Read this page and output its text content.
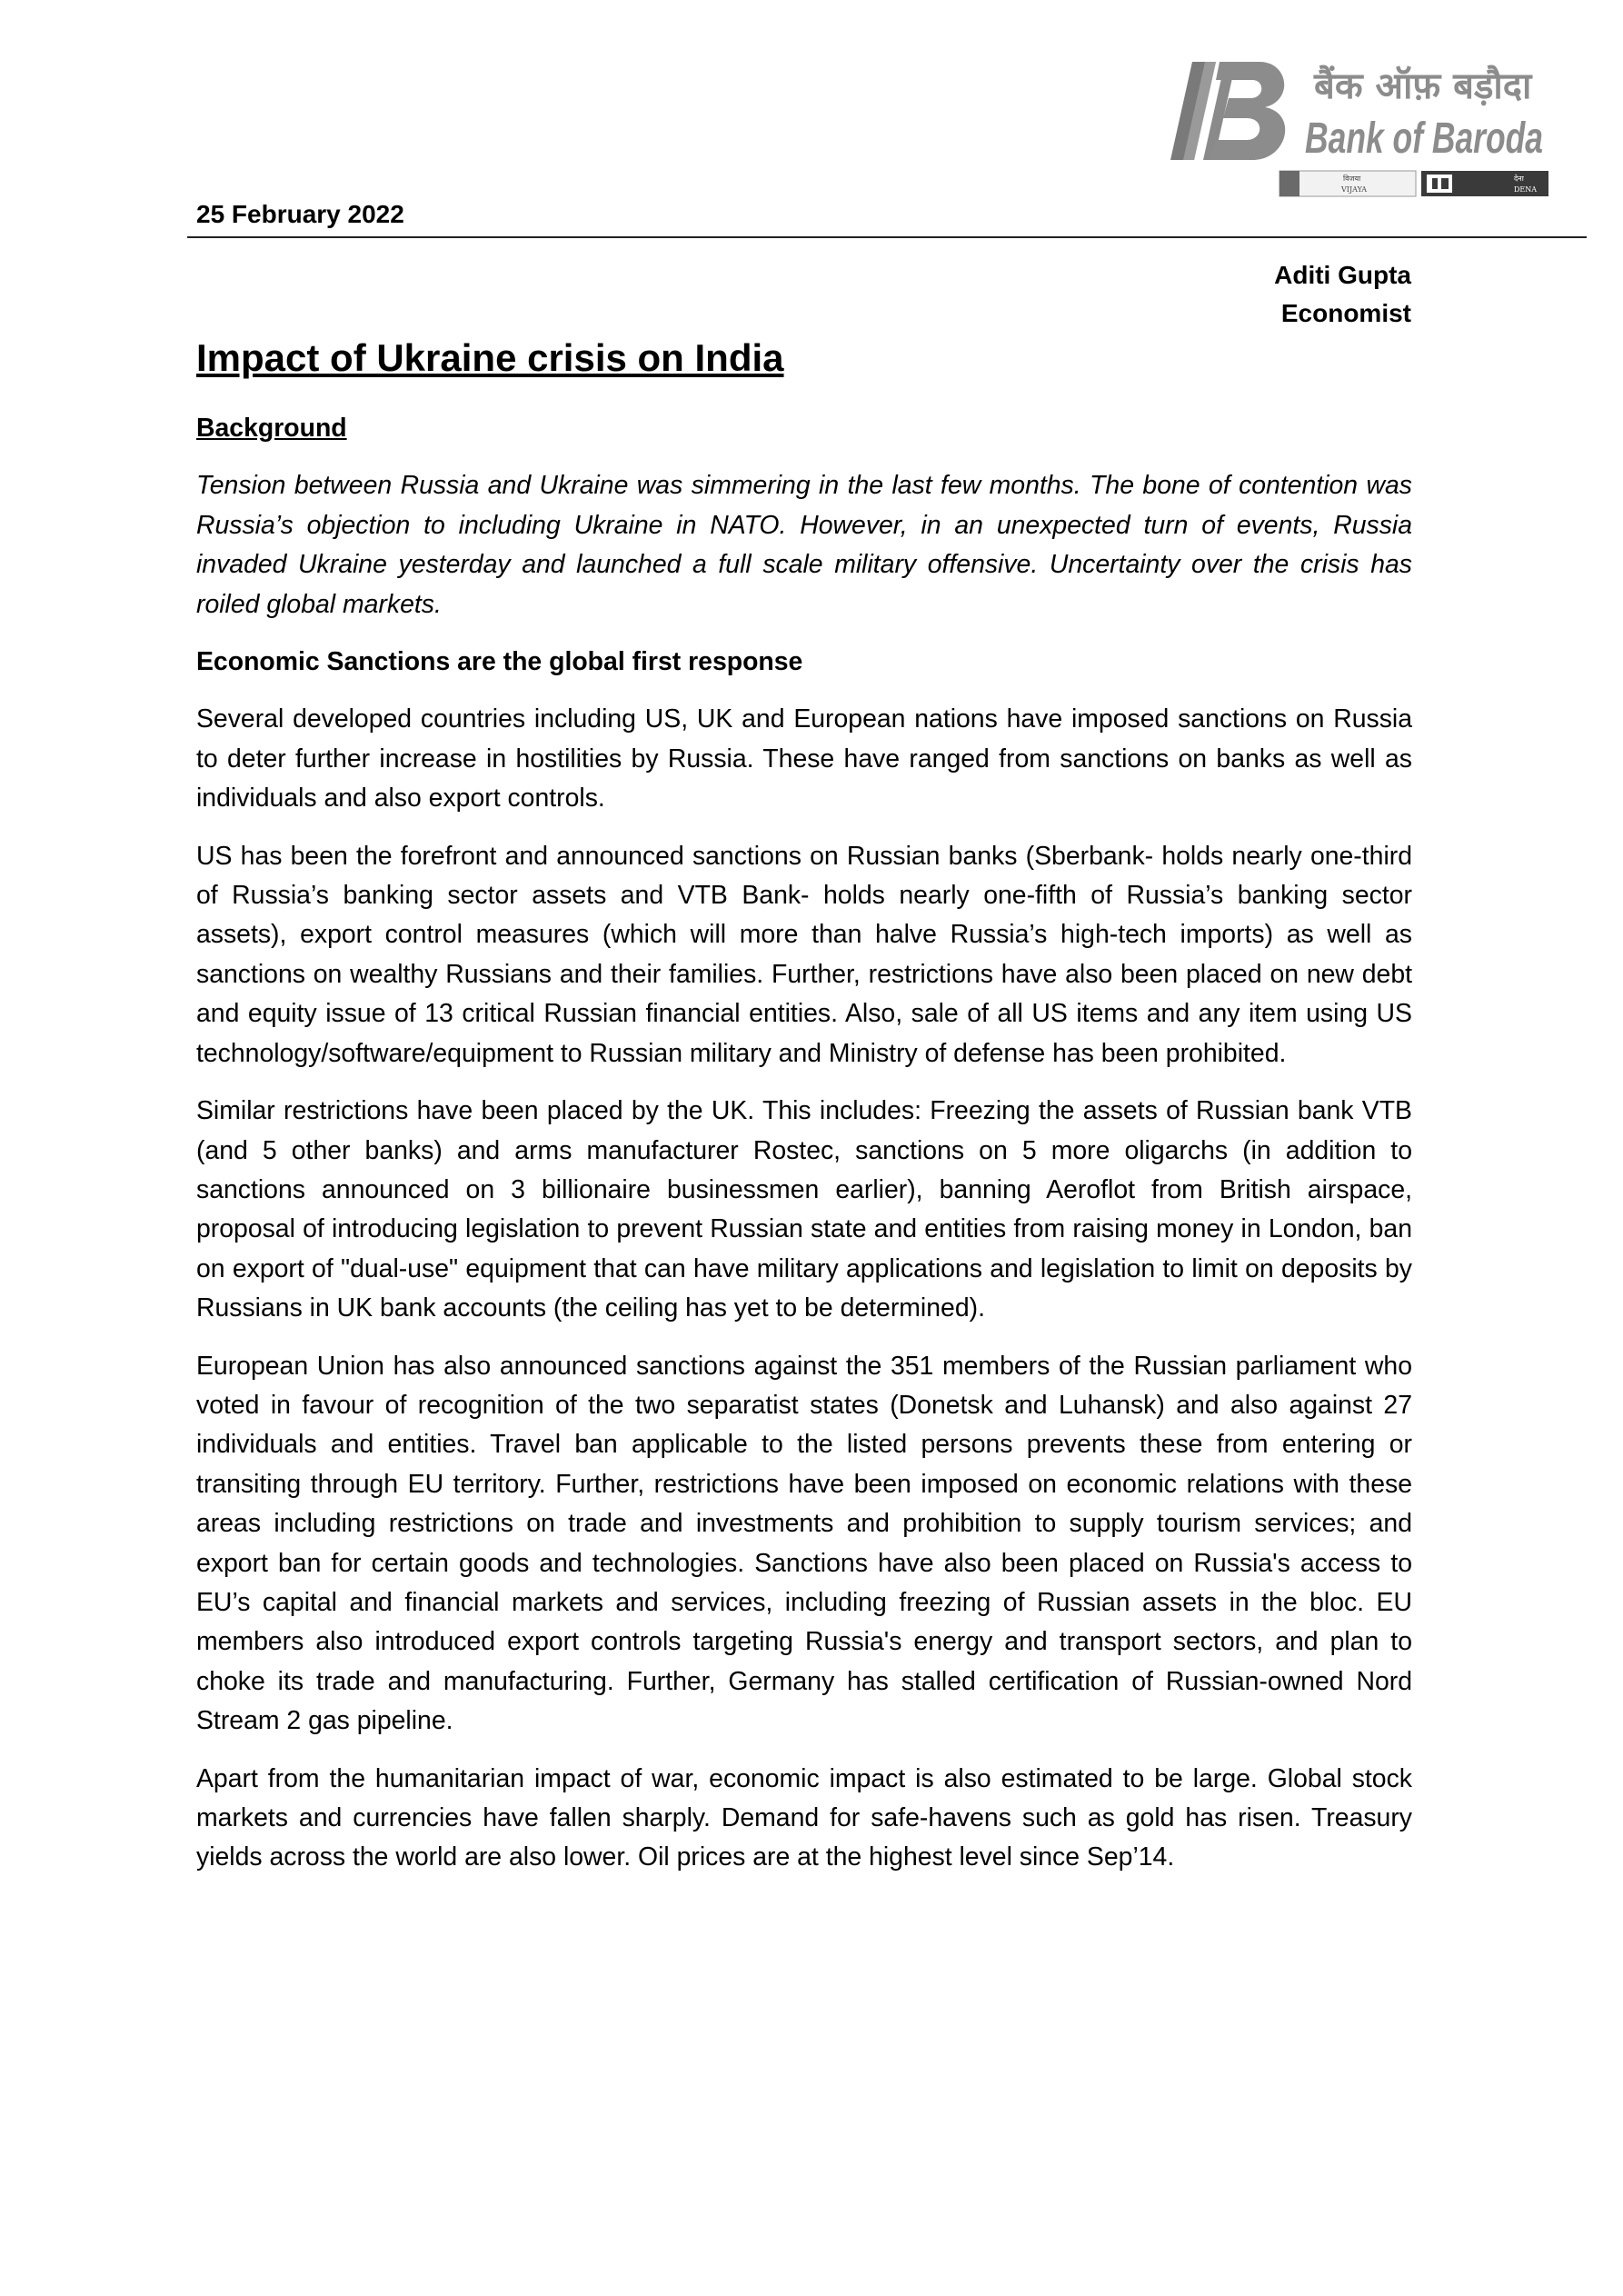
बैंक ऑफ़ बड़ौदा
Bank of Baroda
विजया
VIJAYA
देना
DENA
25 February 2022
Aditi Gupta
Economist
Impact of Ukraine crisis on India
Background

Tension between Russia and Ukraine was simmering in the last few months. The bone of contention was Russia’s objection to including Ukraine in NATO. However, in an unexpected turn of events, Russia invaded Ukraine yesterday and launched a full scale military offensive. Uncertainty over the crisis has roiled global markets.

Economic Sanctions are the global first response

Several developed countries including US, UK and European nations have imposed sanctions on Russia to deter further increase in hostilities by Russia. These have ranged from sanctions on banks as well as individuals and also export controls.

US has been the forefront and announced sanctions on Russian banks (Sberbank- holds nearly one-third of Russia’s banking sector assets and VTB Bank- holds nearly one-fifth of Russia’s banking sector assets), export control measures (which will more than halve Russia’s high-tech imports) as well as sanctions on wealthy Russians and their families. Further, restrictions have also been placed on new debt and equity issue of 13 critical Russian financial entities. Also, sale of all US items and any item using US technology/software/equipment to Russian military and Ministry of defense has been prohibited.

Similar restrictions have been placed by the UK. This includes: Freezing the assets of Russian bank VTB (and 5 other banks) and arms manufacturer Rostec, sanctions on 5 more oligarchs (in addition to sanctions announced on 3 billionaire businessmen earlier), banning Aeroflot from British airspace, proposal of introducing legislation to prevent Russian state and entities from raising money in London, ban on export of "dual-use" equipment that can have military applications and legislation to limit on deposits by Russians in UK bank accounts (the ceiling has yet to be determined).

European Union has also announced sanctions against the 351 members of the Russian parliament who voted in favour of recognition of the two separatist states (Donetsk and Luhansk) and also against 27 individuals and entities. Travel ban applicable to the listed persons prevents these from entering or transiting through EU territory. Further, restrictions have been imposed on economic relations with these areas including restrictions on trade and investments and prohibition to supply tourism services; and export ban for certain goods and technologies. Sanctions have also been placed on Russia's access to EU’s capital and financial markets and services, including freezing of Russian assets in the bloc. EU members also introduced export controls targeting Russia's energy and transport sectors, and plan to choke its trade and manufacturing. Further, Germany has stalled certification of Russian-owned Nord Stream 2 gas pipeline.

Apart from the humanitarian impact of war, economic impact is also estimated to be large. Global stock markets and currencies have fallen sharply. Demand for safe-havens such as gold has risen. Treasury yields across the world are also lower. Oil prices are at the highest level since Sep’14.
